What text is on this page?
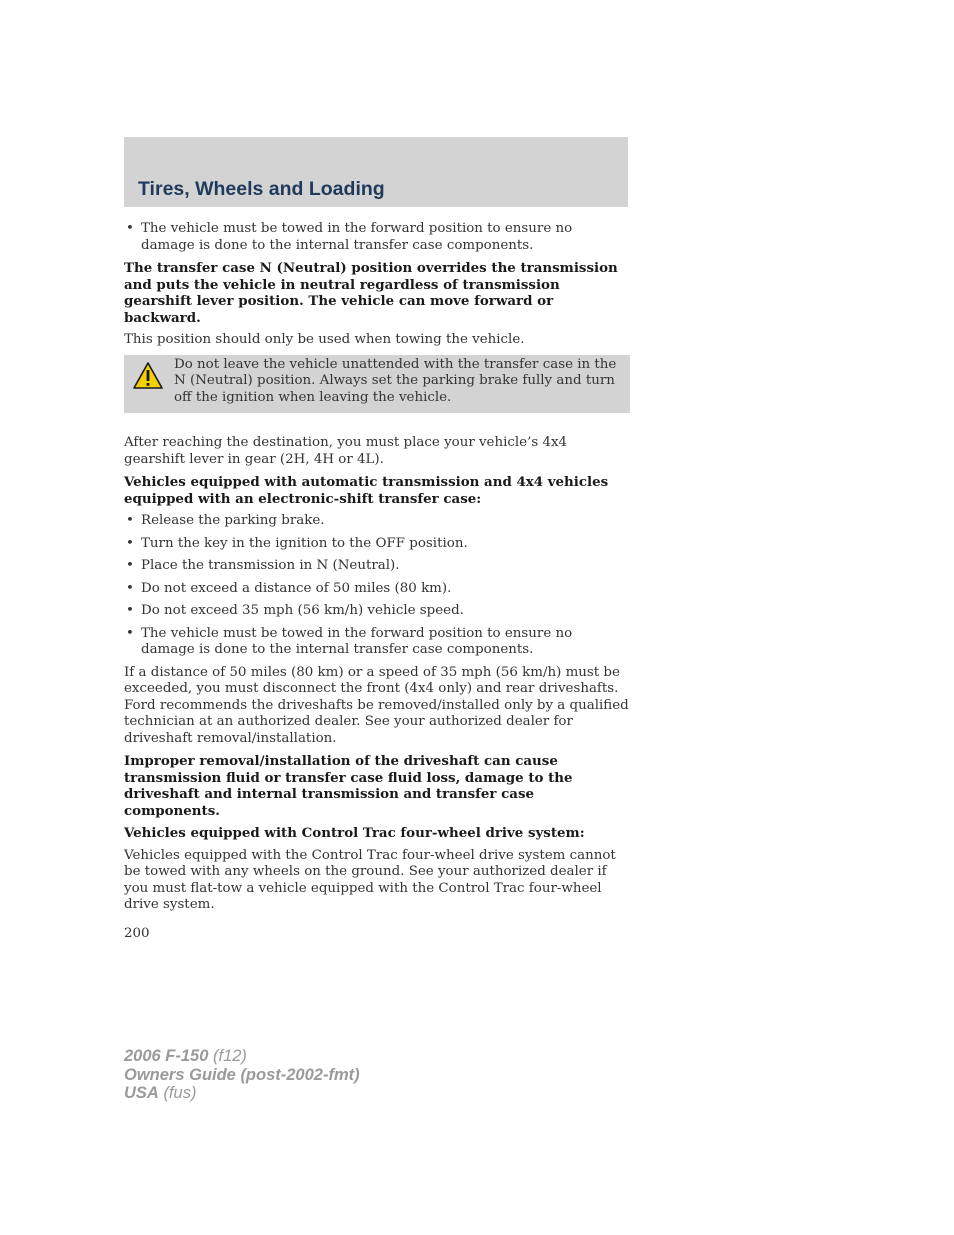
Tires, Wheels and Loading
• The vehicle must be towed in the forward position to ensure no damage is done to the internal transfer case components.

The transfer case N (Neutral) position overrides the transmission and puts the vehicle in neutral regardless of transmission gearshift lever position. The vehicle can move forward or backward.

This position should only be used when towing the vehicle.

Do not leave the vehicle unattended with the transfer case in the N (Neutral) position. Always set the parking brake fully and turn off the ignition when leaving the vehicle.

After reaching the destination, you must place your vehicle’s 4x4 gearshift lever in gear (2H, 4H or 4L).

Vehicles equipped with automatic transmission and 4x4 vehicles equipped with an electronic-shift transfer case:

• Release the parking brake.
• Turn the key in the ignition to the OFF position.
• Place the transmission in N (Neutral).
• Do not exceed a distance of 50 miles (80 km).
• Do not exceed 35 mph (56 km/h) vehicle speed.
• The vehicle must be towed in the forward position to ensure no damage is done to the internal transfer case components.

If a distance of 50 miles (80 km) or a speed of 35 mph (56 km/h) must be exceeded, you must disconnect the front (4x4 only) and rear driveshafts. Ford recommends the driveshafts be removed/installed only by a qualified technician at an authorized dealer. See your authorized dealer for driveshaft removal/installation.

Improper removal/installation of the driveshaft can cause transmission fluid or transfer case fluid loss, damage to the driveshaft and internal transmission and transfer case components.

Vehicles equipped with Control Trac four-wheel drive system:

Vehicles equipped with the Control Trac four-wheel drive system cannot be towed with any wheels on the ground. See your authorized dealer if you must flat-tow a vehicle equipped with the Control Trac four-wheel drive system.

200
2006 F-150 (f12)
Owners Guide (post-2002-fmt)
USA (fus)
